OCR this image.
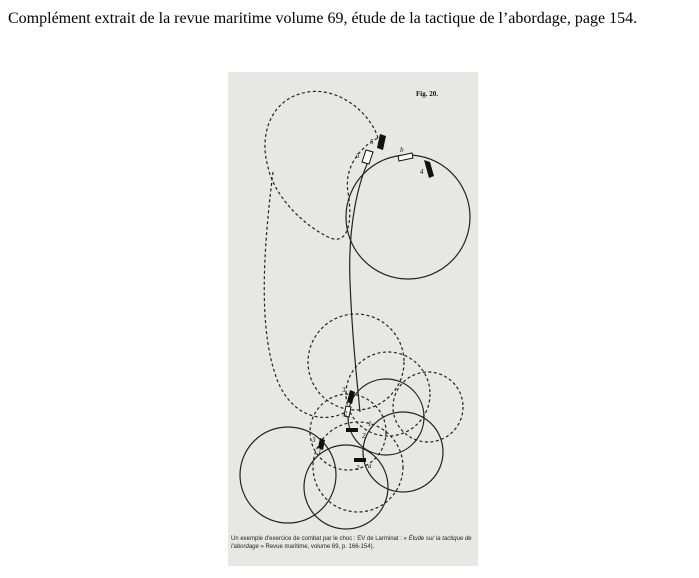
Complément extrait de la revue maritime volume 69, étude de la tactique de l’abordage, page 154.

5
5
b
4
3
2
1
2
3
1
2 a
Fig. 20.

Un exemple d'exercice de combat par le choc : EV de Larminat : « Étude sur la tactique de l'abordage » Revue maritime, volume 69, p. 166-154).
